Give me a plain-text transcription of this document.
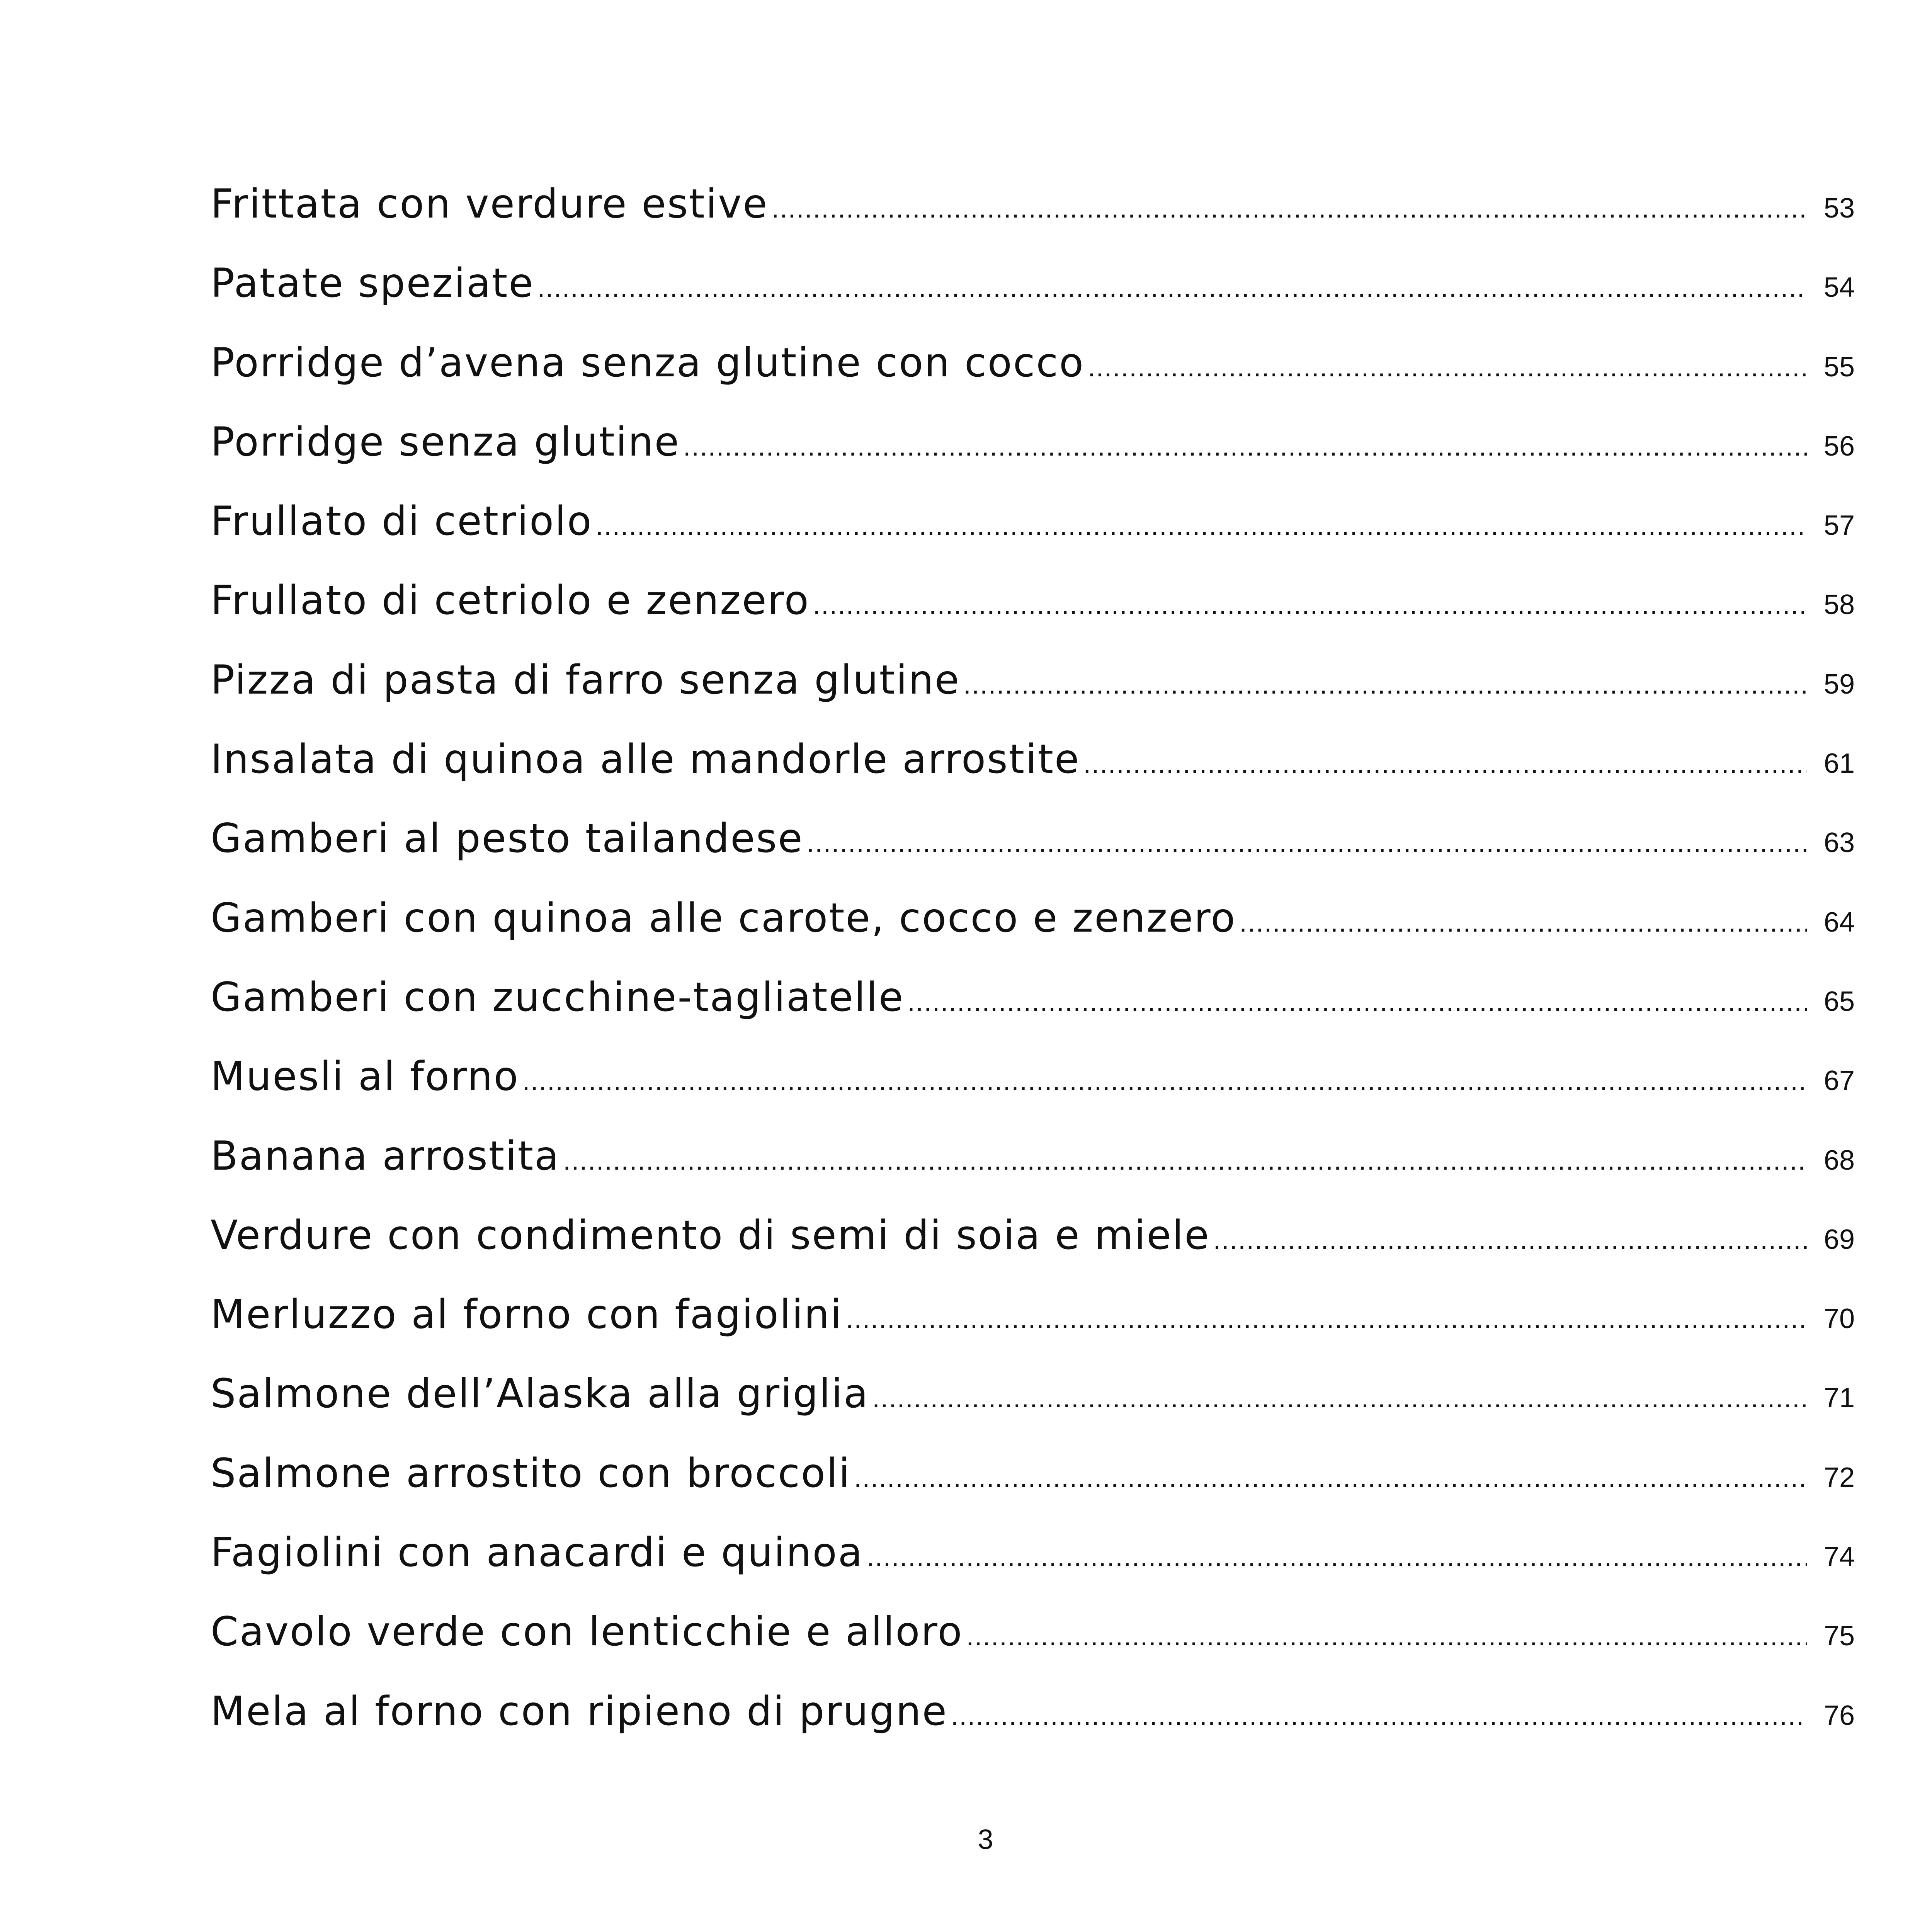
Frittata con verdure estive .....	53
Patate speziate .....	54
Porridge d’avena senza glutine con cocco .....	55
Porridge senza glutine .....	56
Frullato di cetriolo .....	57
Frullato di cetriolo e zenzero .....	58
Pizza di pasta di farro senza glutine .....	59
Insalata di quinoa alle mandorle arrostite .....	61
Gamberi al pesto tailandese .....	63
Gamberi con quinoa alle carote, cocco e zenzero .....	64
Gamberi con zucchine-tagliatelle .....	65
Muesli al forno .....	67
Banana arrostita .....	68
Verdure con condimento di semi di soia e miele .....	69
Merluzzo al forno con fagiolini .....	70
Salmone dell’Alaska alla griglia .....	71
Salmone arrostito con broccoli .....	72
Fagiolini con anacardi e quinoa .....	74
Cavolo verde con lenticchie e alloro .....	75
Mela al forno con ripieno di prugne .....	76
3
